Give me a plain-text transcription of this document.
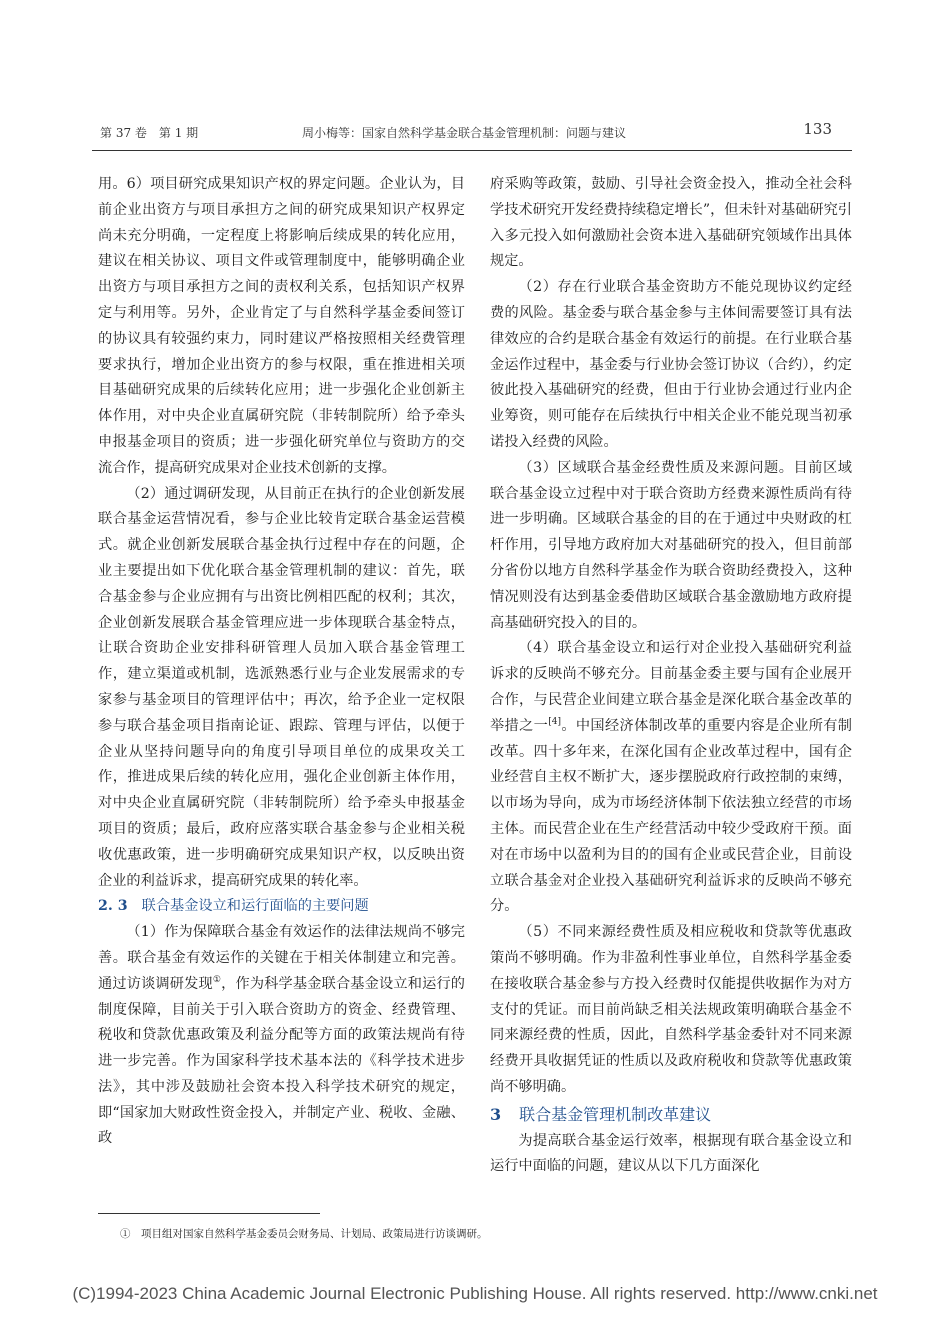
第 37 卷　第 1 期	周小梅等：国家自然科学基金联合基金管理机制：问题与建议	133

用。6）项目研究成果知识产权的界定问题。企业认为，目前企业出资方与项目承担方之间的研究成果知识产权界定尚未充分明确，一定程度上将影响后续成果的转化应用，建议在相关协议、项目文件或管理制度中，能够明确企业出资方与项目承担方之间的责权利关系，包括知识产权界定与利用等。另外，企业肯定了与自然科学基金委间签订的协议具有较强约束力，同时建议严格按照相关经费管理要求执行，增加企业出资方的参与权限，重在推进相关项目基础研究成果的后续转化应用；进一步强化企业创新主体作用，对中央企业直属研究院（非转制院所）给予牵头申报基金项目的资质；进一步强化研究单位与资助方的交流合作，提高研究成果对企业技术创新的支撑。

（2）通过调研发现，从目前正在执行的企业创新发展联合基金运营情况看，参与企业比较肯定联合基金运营模式。就企业创新发展联合基金执行过程中存在的问题，企业主要提出如下优化联合基金管理机制的建议：首先，联合基金参与企业应拥有与出资比例相匹配的权利；其次，企业创新发展联合基金管理应进一步体现联合基金特点，让联合资助企业安排科研管理人员加入联合基金管理工作，建立渠道或机制，选派熟悉行业与企业发展需求的专家参与基金项目的管理评估中；再次，给予企业一定权限参与联合基金项目指南论证、跟踪、管理与评估，以便于企业从坚持问题导向的角度引导项目单位的成果攻关工作，推进成果后续的转化应用，强化企业创新主体作用，对中央企业直属研究院（非转制院所）给予牵头申报基金项目的资质；最后，政府应落实联合基金参与企业相关税收优惠政策，进一步明确研究成果知识产权，以反映出资企业的利益诉求，提高研究成果的转化率。

2. 3 联合基金设立和运行面临的主要问题

（1）作为保障联合基金有效运作的法律法规尚不够完善。联合基金有效运作的关键在于相关体制建立和完善。通过访谈调研发现①，作为科学基金联合基金设立和运行的制度保障，目前关于引入联合资助方的资金、经费管理、税收和贷款优惠政策及利益分配等方面的政策法规尚有待进一步完善。作为国家科学技术基本法的《科学技术进步法》，其中涉及鼓励社会资本投入科学技术研究的规定，即“国家加大财政性资金投入，并制定产业、税收、金融、政

府采购等政策，鼓励、引导社会资金投入，推动全社会科学技术研究开发经费持续稳定增长”，但未针对基础研究引入多元投入如何激励社会资本进入基础研究领域作出具体规定。

（2）存在行业联合基金资助方不能兑现协议约定经费的风险。基金委与联合基金参与主体间需要签订具有法律效应的合约是联合基金有效运行的前提。在行业联合基金运作过程中，基金委与行业协会签订协议（合约），约定彼此投入基础研究的经费，但由于行业协会通过行业内企业筹资，则可能存在后续执行中相关企业不能兑现当初承诺投入经费的风险。

（3）区域联合基金经费性质及来源问题。目前区域联合基金设立过程中对于联合资助方经费来源性质尚有待进一步明确。区域联合基金的目的在于通过中央财政的杠杆作用，引导地方政府加大对基础研究的投入，但目前部分省份以地方自然科学基金作为联合资助经费投入，这种情况则没有达到基金委借助区域联合基金激励地方政府提高基础研究投入的目的。

（4）联合基金设立和运行对企业投入基础研究利益诉求的反映尚不够充分。目前基金委主要与国有企业展开合作，与民营企业间建立联合基金是深化联合基金改革的举措之一[4]。中国经济体制改革的重要内容是企业所有制改革。四十多年来，在深化国有企业改革过程中，国有企业经营自主权不断扩大，逐步摆脱政府行政控制的束缚，以市场为导向，成为市场经济体制下依法独立经营的市场主体。而民营企业在生产经营活动中较少受政府干预。面对在市场中以盈利为目的的国有企业或民营企业，目前设立联合基金对企业投入基础研究利益诉求的反映尚不够充分。

（5）不同来源经费性质及相应税收和贷款等优惠政策尚不够明确。作为非盈利性事业单位，自然科学基金委在接收联合基金参与方投入经费时仅能提供收据作为对方支付的凭证。而目前尚缺乏相关法规政策明确联合基金不同来源经费的性质，因此，自然科学基金委针对不同来源经费开具收据凭证的性质以及政府税收和贷款等优惠政策尚不够明确。

3 联合基金管理机制改革建议

为提高联合基金运行效率，根据现有联合基金设立和运行中面临的问题，建议从以下几方面深化

①　项目组对国家自然科学基金委员会财务局、计划局、政策局进行访谈调研。
(C)1994-2023 China Academic Journal Electronic Publishing House. All rights reserved. http://www.cnki.net
